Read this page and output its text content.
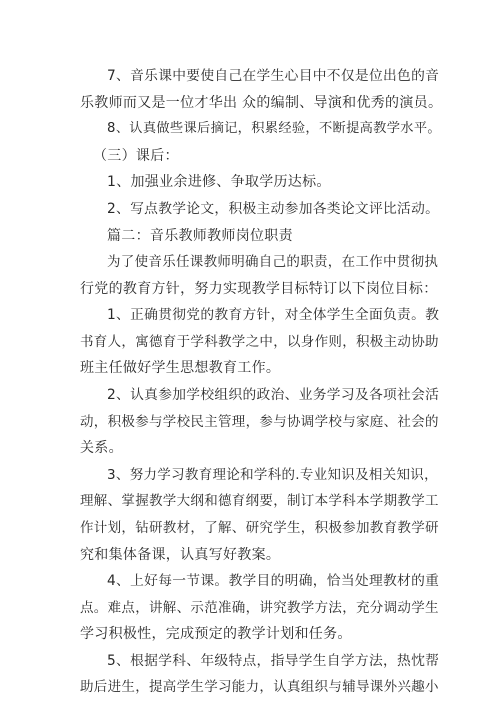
7、音乐课中要使自己在学生心目中不仅是位出色的音
乐教师而又是一位才华出 众的编制、导演和优秀的演员。
8、认真做些课后摘记，积累经验，不断提高教学水平。
（三）课后：
1、加强业余进修、争取学历达标。
2、写点教学论文，积极主动参加各类论文评比活动。
篇二：音乐教师教师岗位职责
为了使音乐任课教师明确自己的职责，在工作中贯彻执
行党的教育方针，努力实现教学目标特订以下岗位目标：
1、正确贯彻党的教育方针，对全体学生全面负责。教
书育人，寓德育于学科教学之中，以身作则，积极主动协助
班主任做好学生思想教育工作。
2、认真参加学校组织的政治、业务学习及各项社会活
动，积极参与学校民主管理，参与协调学校与家庭、社会的
关系。
3、努力学习教育理论和学科的.专业知识及相关知识，
理解、掌握教学大纲和德育纲要，制订本学科本学期教学工
作计划，钻研教材，了解、研究学生，积极参加教育教学研
究和集体备课，认真写好教案。
4、上好每一节课。教学目的明确，恰当处理教材的重
点。难点，讲解、示范准确，讲究教学方法，充分调动学生
学习积极性，完成预定的教学计划和任务。
5、根据学科、年级特点，指导学生自学方法，热忱帮
助后进生，提高学生学习能力，认真组织与辅导课外兴趣小
